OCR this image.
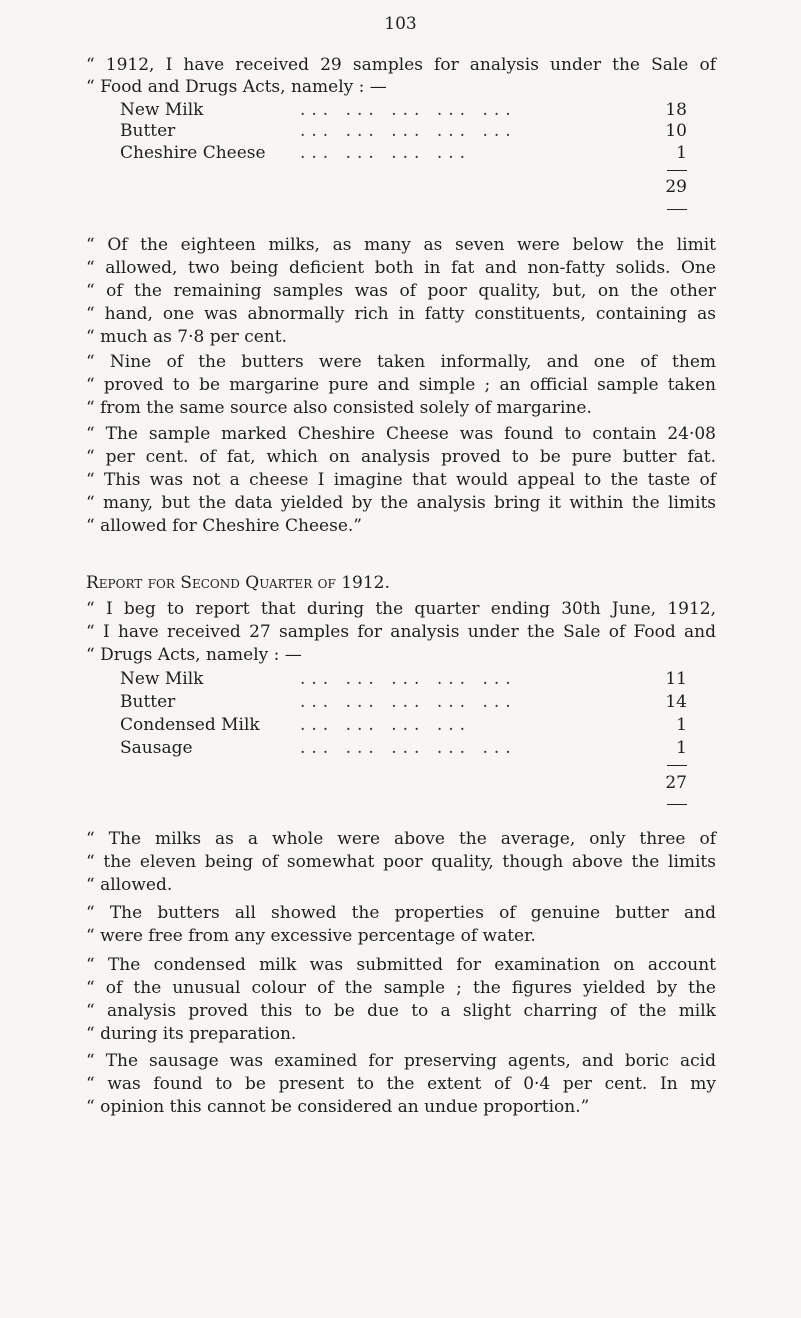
103
“ 1912, I have received 29 samples for analysis under the Sale of
“ Food and Drugs Acts, namely : —
New Milk	... ... ... ... ...	18
Butter	... ... ... ... ...	10
Cheshire Cheese ... ... ... ...	1
29
“ Of the eighteen milks, as many as seven were below the limit
“ allowed, two being deficient both in fat and non-fatty solids. One
“ of the remaining samples was of poor quality, but, on the other
“ hand, one was abnormally rich in fatty constituents, containing as
“ much as 7·8 per cent.
“ Nine of the butters were taken informally, and one of them
“ proved to be margarine pure and simple ; an official sample taken
“ from the same source also consisted solely of margarine.
“ The sample marked Cheshire Cheese was found to contain 24·08
“ per cent. of fat, which on analysis proved to be pure butter fat.
“ This was not a cheese I imagine that would appeal to the taste of
“ many, but the data yielded by the analysis bring it within the limits
“ allowed for Cheshire Cheese.”
Report for Second Quarter of 1912.
“ I beg to report that during the quarter ending 30th June, 1912,
“ I have received 27 samples for analysis under the Sale of Food and
“ Drugs Acts, namely : —
New Milk	... ... ... ... ...	11
Butter	... ... ... ... ...	14
Condensed Milk ... ... ... ...	1
Sausage	... ... ... ... ...	1
27
“ The milks as a whole were above the average, only three of
“ the eleven being of somewhat poor quality, though above the limits
“ allowed.
“ The butters all showed the properties of genuine butter and
“ were free from any excessive percentage of water.
“ The condensed milk was submitted for examination on account
“ of the unusual colour of the sample ; the figures yielded by the
“ analysis proved this to be due to a slight charring of the milk
“ during its preparation.
“ The sausage was examined for preserving agents, and boric acid
“ was found to be present to the extent of 0·4 per cent. In my
“ opinion this cannot be considered an undue proportion.”
